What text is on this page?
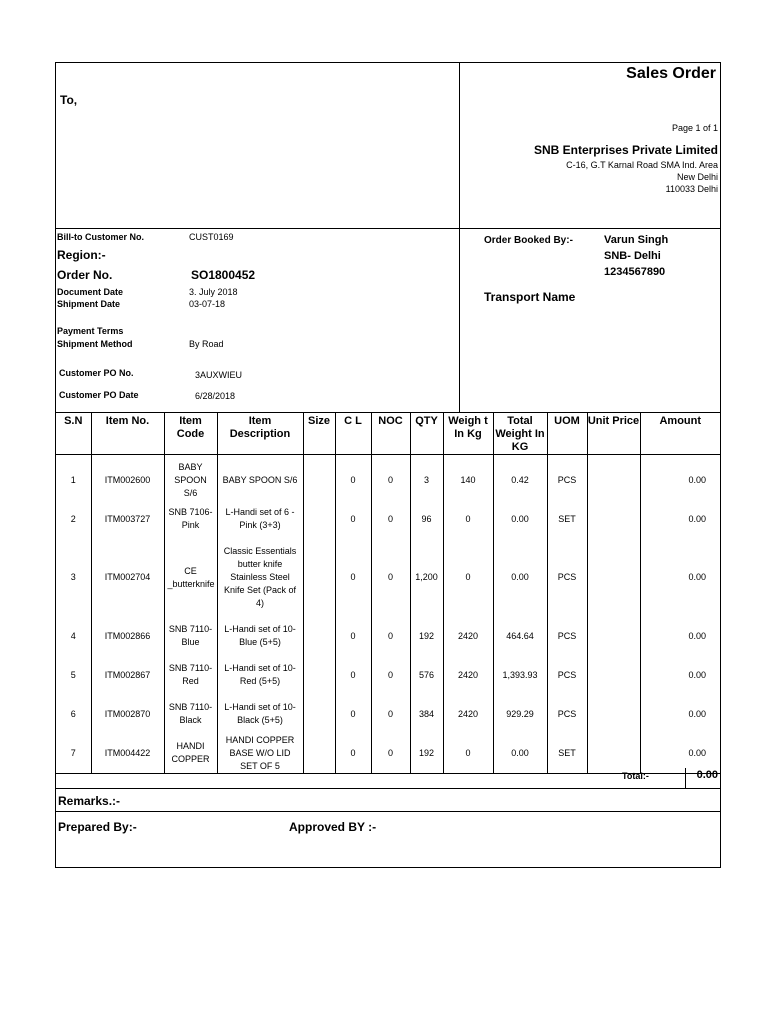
To,
Sales Order
Page 1 of 1
SNB Enterprises Private Limited
C-16, G.T Karnal Road SMA Ind. Area
New Delhi
110033 Delhi
Bill-to Customer No.	CUST0169
Region:-
Order No.	SO1800452
Document Date	3. July 2018
Shipment Date	03-07-18
Payment Terms
Shipment Method	By Road
Customer PO No.	3AUXWIEU
Customer PO Date	6/28/2018
Order Booked By:-	Varun Singh
SNB- Delhi
1234567890
Transport Name
S.N	Item No.	Item Code	Item Description	Size	C L	NOC	QTY	Weigh t In Kg	Total Weight In KG	UOM	Unit Price	Amount

1	ITM002600	BABY SPOON S/6	BABY SPOON S/6		0	0	3	140	0.42	PCS		0.00
2	ITM003727	SNB 7106-Pink	L-Handi set of 6 -Pink (3+3)		0	0	96	0	0.00	SET		0.00
3	ITM002704	CE _butterknife	Classic Essentials butter knife Stainless Steel Knife Set (Pack of 4)		0	0	1,200	0	0.00	PCS		0.00
4	ITM002866	SNB 7110-Blue	L-Handi set of 10-Blue (5+5)		0	0	192	2420	464.64	PCS		0.00
5	ITM002867	SNB 7110-Red	L-Handi set of 10-Red (5+5)		0	0	576	2420	1,393.93	PCS		0.00
6	ITM002870	SNB 7110-Black	L-Handi set of 10-Black (5+5)		0	0	384	2420	929.29	PCS		0.00
7	ITM004422	HANDI COPPER	HANDI COPPER BASE W/O LID SET OF 5		0	0	192	0	0.00	SET		0.00
Total:-	0.00
Remarks.:-
Prepared By:-	Approved BY :-
